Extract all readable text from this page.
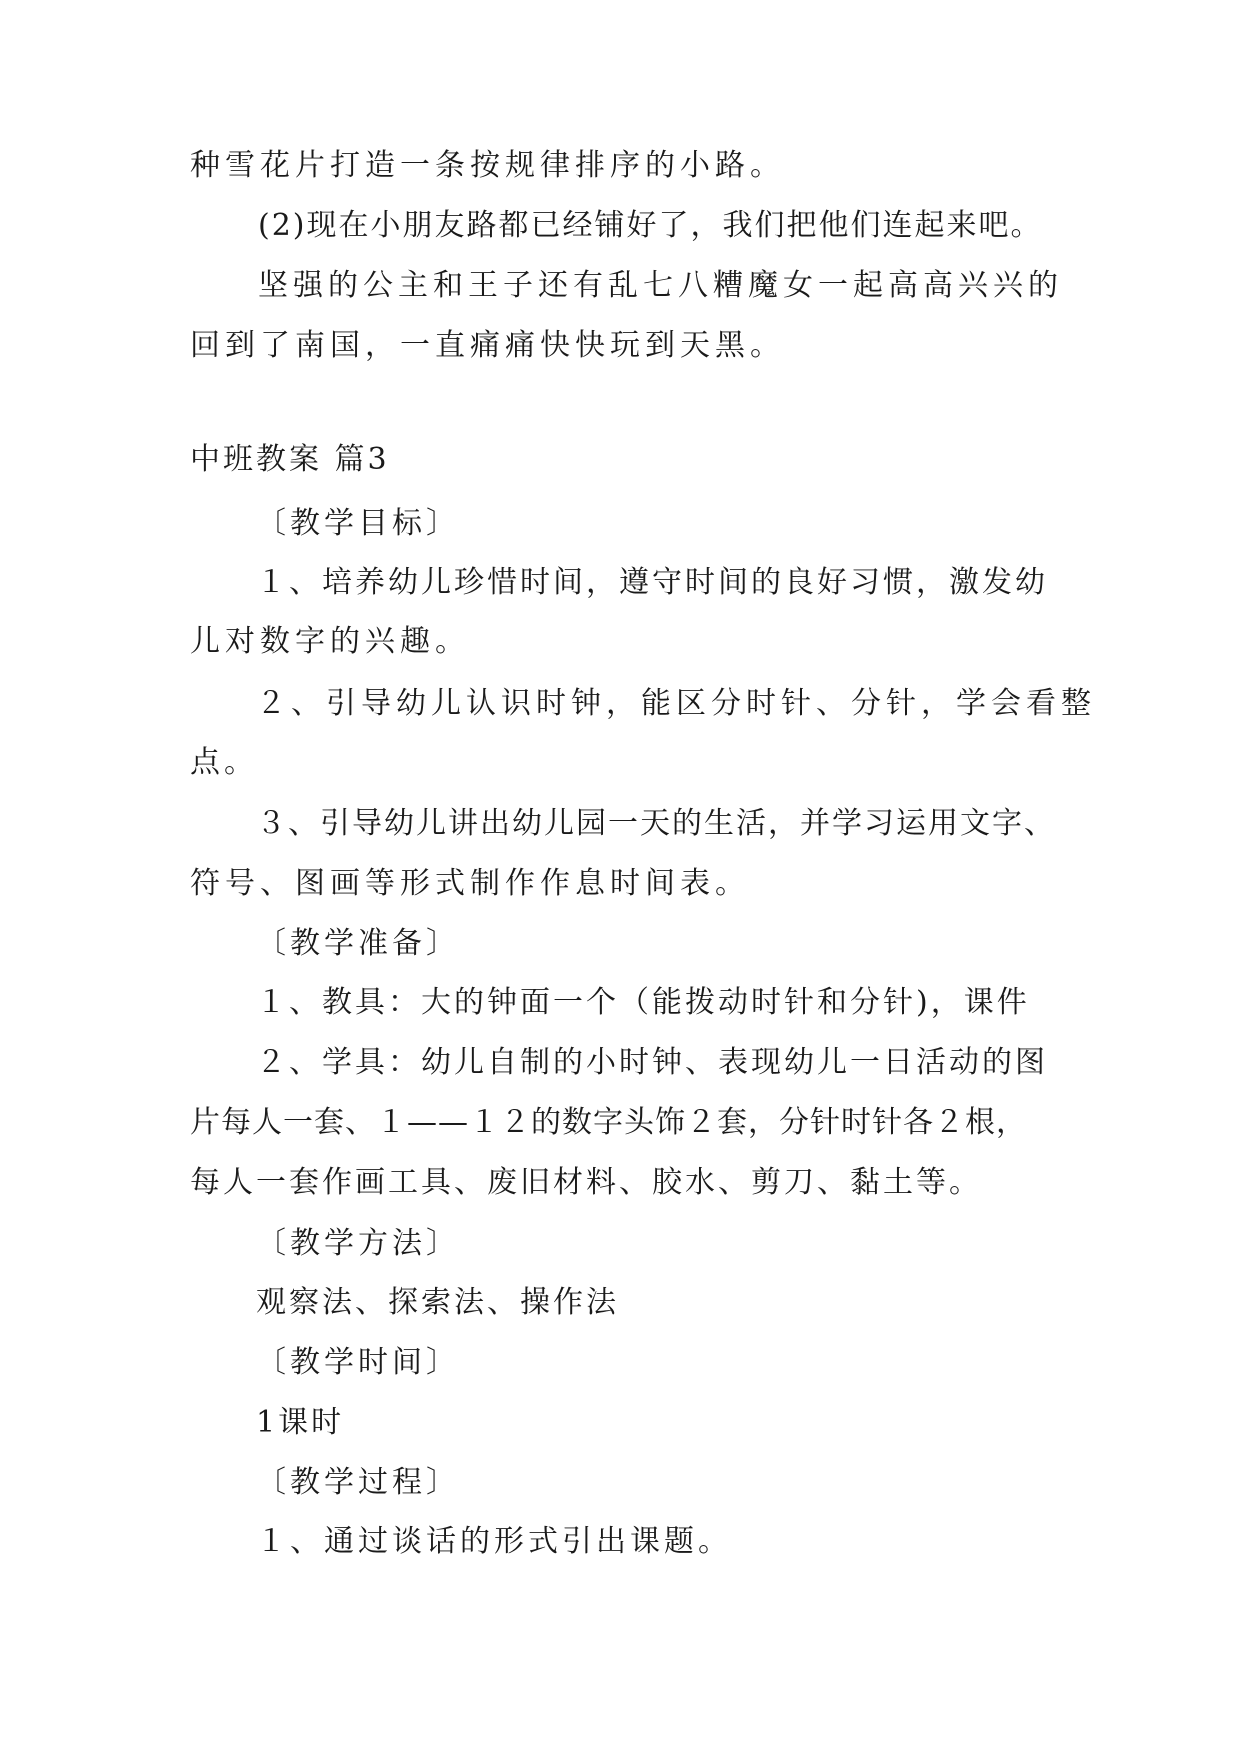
种雪花片打造一条按规律排序的小路。
(2)现在小朋友路都已经铺好了，我们把他们连起来吧。
坚强的公主和王子还有乱七八糟魔女一起高高兴兴的
回到了南国，一直痛痛快快玩到天黑。
中班教案 篇3
〔教学目标〕
１、培养幼儿珍惜时间，遵守时间的良好习惯，激发幼
儿对数字的兴趣。
２、引导幼儿认识时钟，能区分时针、分针，学会看整
点。
３、引导幼儿讲出幼儿园一天的生活，并学习运用文字、
符号、图画等形式制作作息时间表。
〔教学准备〕
１、教具：大的钟面一个（能拨动时针和分针)，课件
２、学具：幼儿自制的小时钟、表现幼儿一日活动的图
片每人一套、１——１２的数字头饰２套，分针时针各２根，
每人一套作画工具、废旧材料、胶水、剪刀、黏土等。
〔教学方法〕
观察法、探索法、操作法
〔教学时间〕
1课时
〔教学过程〕
１、通过谈话的形式引出课题。
